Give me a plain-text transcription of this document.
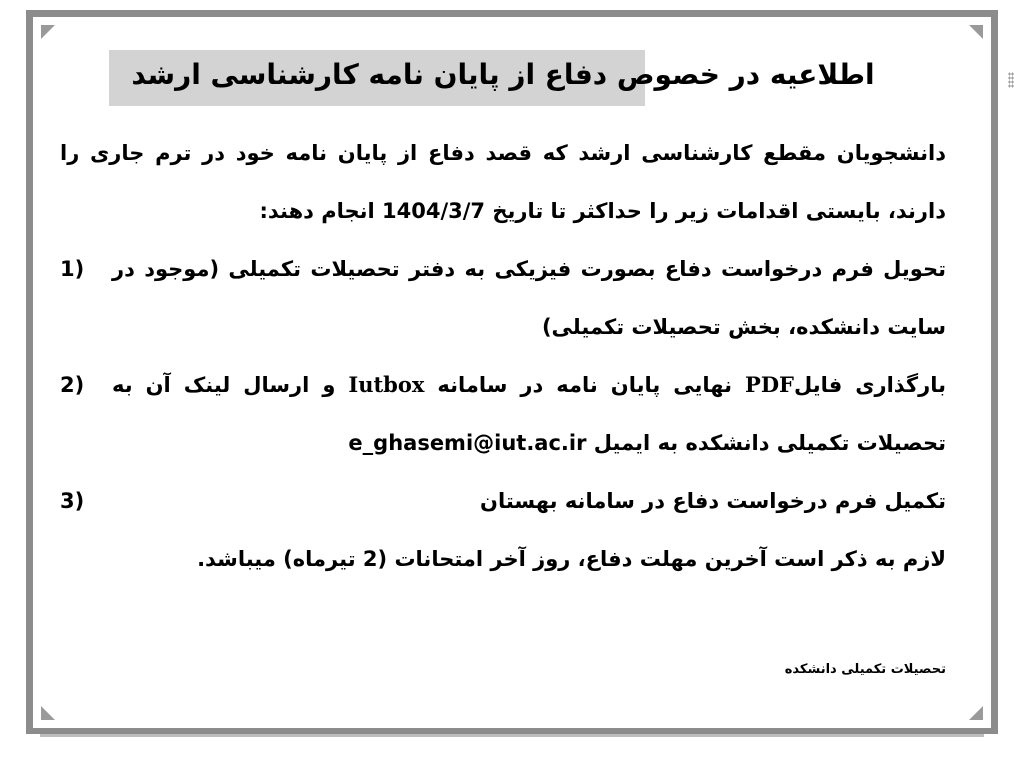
اطلاعیه در خصوص دفاع از پایان نامه کارشناسی ارشد
دانشجویان مقطع کارشناسی ارشد که قصد دفاع از پایان نامه خود در ترم جاری را دارند، بایستی اقدامات زیر را حداکثر تا تاریخ 1404/3/7 انجام دهند:
تحویل فرم درخواست دفاع بصورت فیزیکی به دفتر تحصیلات تکمیلی (موجود در سایت دانشکده، بخش تحصیلات تکمیلی)
1)
بارگذاری فایلPDF نهایی پایان نامه در سامانه Iutbox و ارسال لینک آن به تحصیلات تکمیلی دانشکده به ایمیل e_ghasemi@iut.ac.ir
2)
تکمیل فرم درخواست دفاع در سامانه بهستان
3)
لازم به ذکر است آخرین مهلت دفاع، روز آخر امتحانات (2 تیرماه) میباشد.
تحصیلات تکمیلی دانشکده
